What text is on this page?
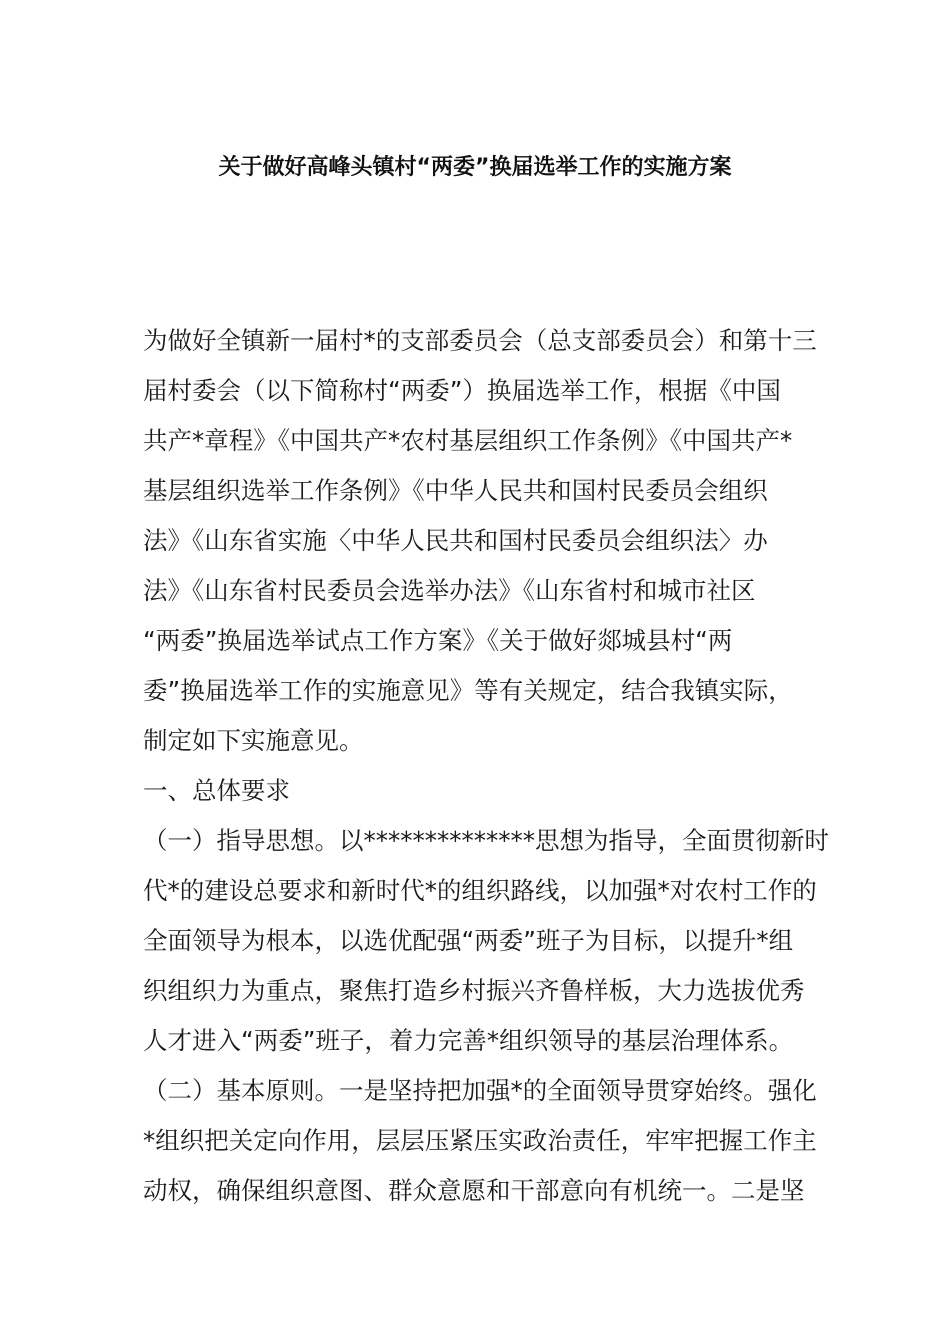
关于做好高峰头镇村“两委”换届选举工作的实施方案
为做好全镇新一届村*的支部委员会（总支部委员会）和第十三
届村委会（以下简称村“两委”）换届选举工作，根据《中国
共产*章程》《中国共产*农村基层组织工作条例》《中国共产*
基层组织选举工作条例》《中华人民共和国村民委员会组织
法》《山东省实施〈中华人民共和国村民委员会组织法〉办
法》《山东省村民委员会选举办法》《山东省村和城市社区
“两委”换届选举试点工作方案》《关于做好郯城县村“两
委”换届选举工作的实施意见》等有关规定，结合我镇实际，
制定如下实施意见。
一、总体要求
（一）指导思想。以**************思想为指导，全面贯彻新时
代*的建设总要求和新时代*的组织路线，以加强*对农村工作的
全面领导为根本，以选优配强“两委”班子为目标，以提升*组
织组织力为重点，聚焦打造乡村振兴齐鲁样板，大力选拔优秀
人才进入“两委”班子，着力完善*组织领导的基层治理体系。
（二）基本原则。一是坚持把加强*的全面领导贯穿始终。强化
*组织把关定向作用，层层压紧压实政治责任，牢牢把握工作主
动权，确保组织意图、群众意愿和干部意向有机统一。二是坚
